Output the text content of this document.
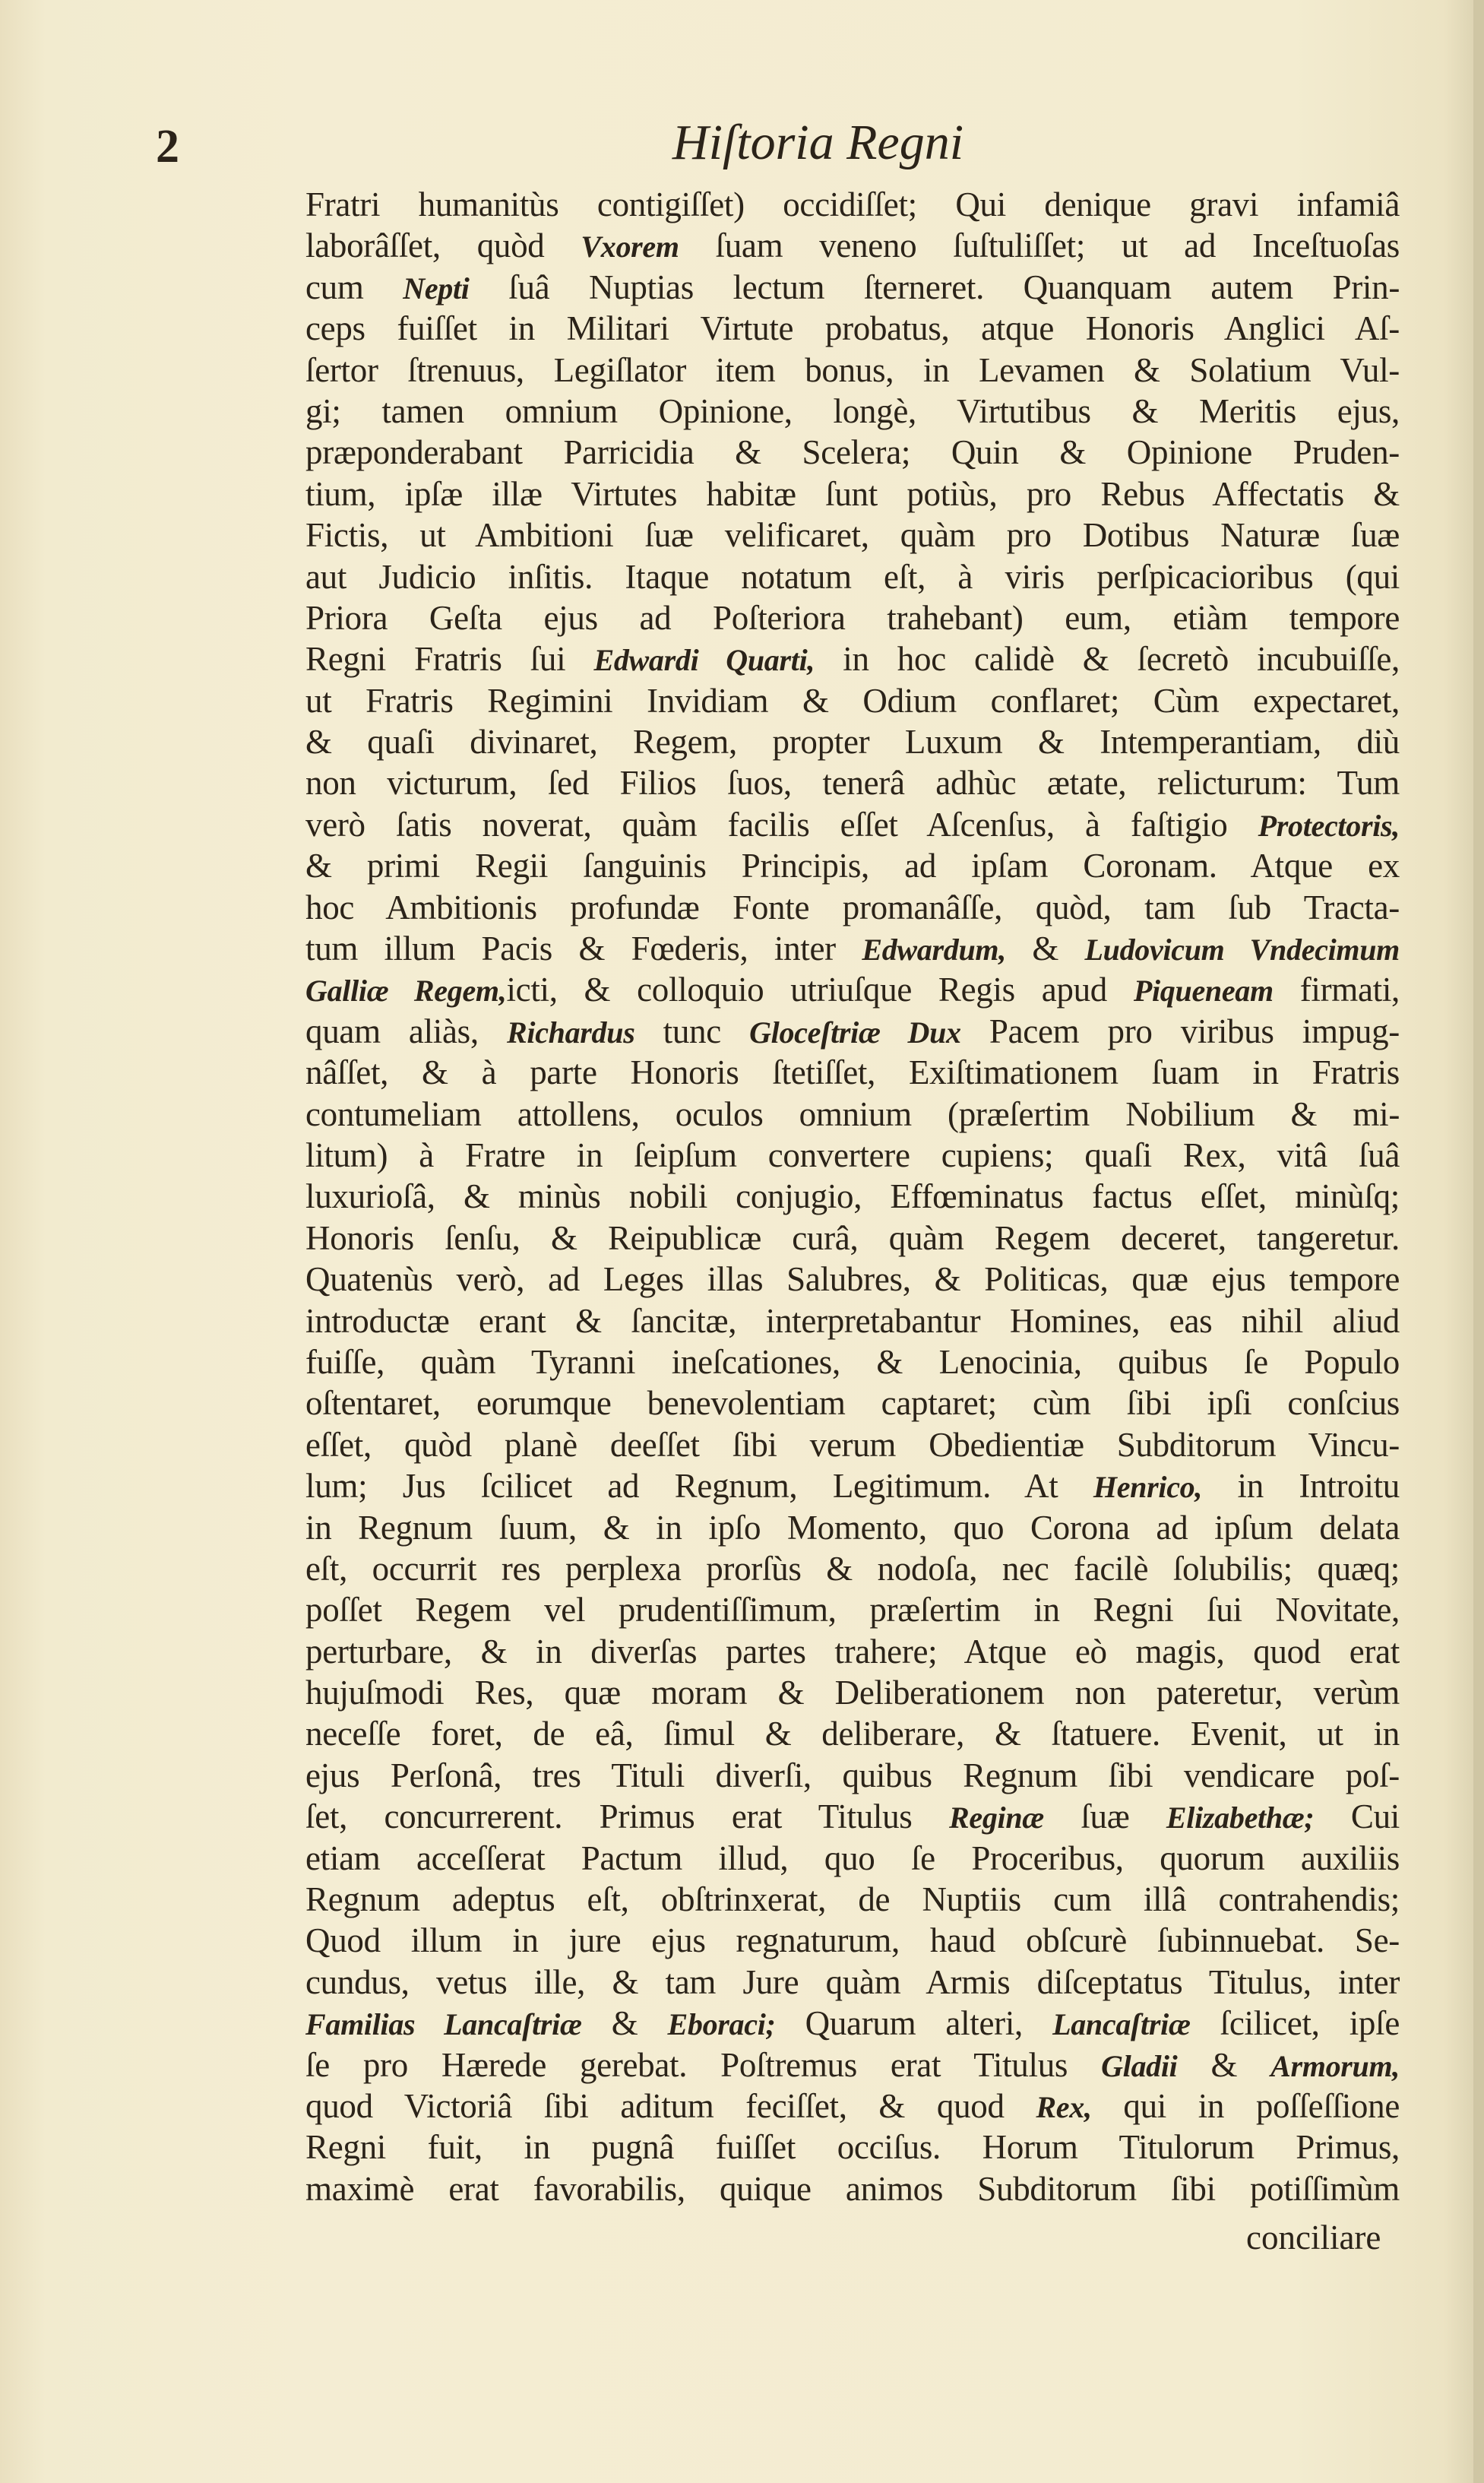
2	Hiſtoria Regni
Fratri humanitùs contigiſſet) occidiſſet; Qui denique gravi infamiâ
laborâſſet, quòd Vxorem ſuam veneno ſuſtuliſſet; ut ad Inceſtuoſas
cum Nepti ſuâ Nuptias lectum ſterneret. Quanquam autem Prin-
ceps fuiſſet in Militari Virtute probatus, atque Honoris Anglici Aſ-
ſertor ſtrenuus, Legiſlator item bonus, in Levamen & Solatium Vul-
gi; tamen omnium Opinione, longè, Virtutibus & Meritis ejus,
præponderabant Parricidia & Scelera; Quin & Opinione Pruden-
tium, ipſæ illæ Virtutes habitæ ſunt potiùs, pro Rebus Affectatis &
Fictis, ut Ambitioni ſuæ velificaret, quàm pro Dotibus Naturæ ſuæ
aut Judicio inſitis. Itaque notatum eſt, à viris perſpicacioribus (qui
Priora Geſta ejus ad Poſteriora trahebant) eum, etiàm tempore
Regni Fratris ſui Edwardi Quarti, in hoc calidè & ſecretò incubuiſſe,
ut Fratris Regimini Invidiam & Odium conflaret; Cùm expectaret,
& quaſi divinaret, Regem, propter Luxum & Intemperantiam, diù
non victurum, ſed Filios ſuos, tenerâ adhùc ætate, relicturum: Tum
verò ſatis noverat, quàm facilis eſſet Aſcenſus, à faſtigio Protectoris,
& primi Regii ſanguinis Principis, ad ipſam Coronam. Atque ex
hoc Ambitionis profundæ Fonte promanâſſe, quòd, tam ſub Tracta-
tum illum Pacis & Fœderis, inter Edwardum, & Ludovicum Vndecimum
Galliæ Regem,icti, & colloquio utriuſque Regis apud Piqueneam firmati,
quam aliàs, Richardus tunc Gloceſtriæ Dux Pacem pro viribus impug-
nâſſet, & à parte Honoris ſtetiſſet, Exiſtimationem ſuam in Fratris
contumeliam attollens, oculos omnium (præſertim Nobilium & mi-
litum) à Fratre in ſeipſum convertere cupiens; quaſi Rex, vitâ ſuâ
luxurioſâ, & minùs nobili conjugio, Effœminatus factus eſſet, minùſq;
Honoris ſenſu, & Reipublicæ curâ, quàm Regem deceret, tangeretur.
Quatenùs verò, ad Leges illas Salubres, & Politicas, quæ ejus tempore
introductæ erant & ſancitæ, interpretabantur Homines, eas nihil aliud
fuiſſe, quàm Tyranni ineſcationes, & Lenocinia, quibus ſe Populo
oſtentaret, eorumque benevolentiam captaret; cùm ſibi ipſi conſcius
eſſet, quòd planè deeſſet ſibi verum Obedientiæ Subditorum Vincu-
lum; Jus ſcilicet ad Regnum, Legitimum. At Henrico, in Introitu
in Regnum ſuum, & in ipſo Momento, quo Corona ad ipſum delata
eſt, occurrit res perplexa prorſùs & nodoſa, nec facilè ſolubilis; quæq;
poſſet Regem vel prudentiſſimum, præſertim in Regni ſui Novitate,
perturbare, & in diverſas partes trahere; Atque eò magis, quod erat
hujuſmodi Res, quæ moram & Deliberationem non pateretur, verùm
neceſſe foret, de eâ, ſimul & deliberare, & ſtatuere. Evenit, ut in
ejus Perſonâ, tres Tituli diverſi, quibus Regnum ſibi vendicare poſ-
ſet, concurrerent. Primus erat Titulus Reginæ ſuæ Elizabethæ; Cui
etiam acceſſerat Pactum illud, quo ſe Proceribus, quorum auxiliis
Regnum adeptus eſt, obſtrinxerat, de Nuptiis cum illâ contrahendis;
Quod illum in jure ejus regnaturum, haud obſcurè ſubinnuebat. Se-
cundus, vetus ille, & tam Jure quàm Armis diſceptatus Titulus, inter
Familias Lancaſtriæ & Eboraci; Quarum alteri, Lancaſtriæ ſcilicet, ipſe
ſe pro Hærede gerebat. Poſtremus erat Titulus Gladii & Armorum,
quod Victoriâ ſibi aditum feciſſet, & quod Rex, qui in poſſeſſione
Regni fuit, in pugnâ fuiſſet occiſus. Horum Titulorum Primus,
maximè erat favorabilis, quique animos Subditorum ſibi potiſſimùm
conciliare
